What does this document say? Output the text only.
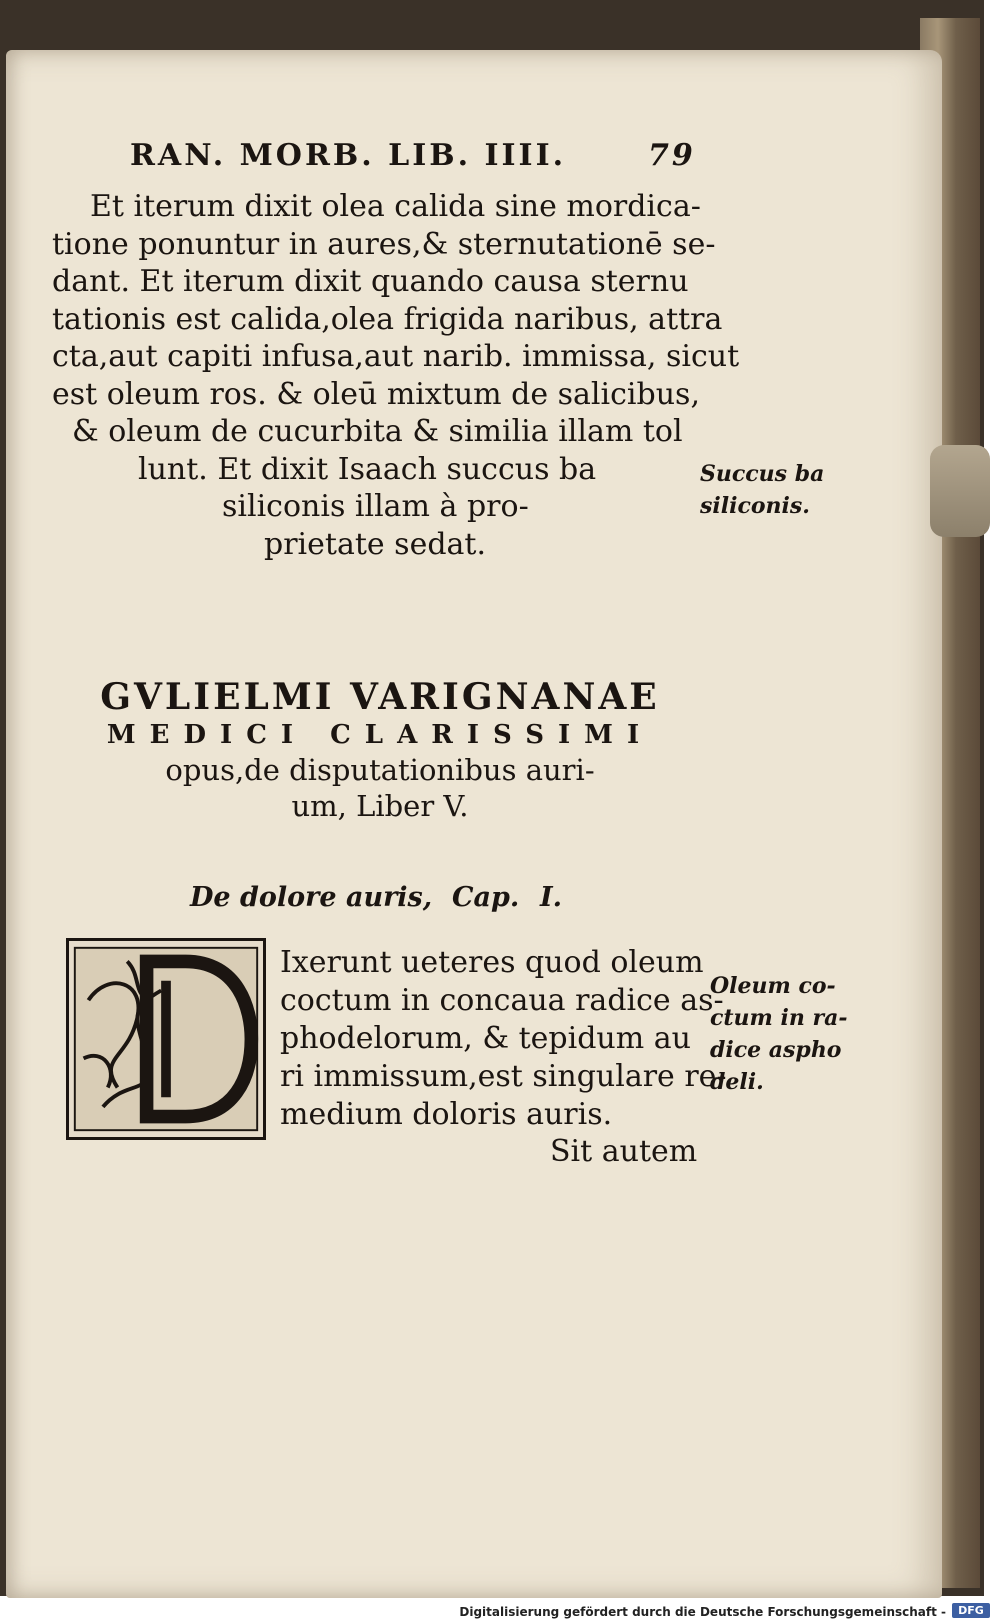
RAN. MORB. LIB. IIII.	79
Et iterum dixit olea calida sine mordica-
tione ponuntur in aures,& sternutationē se-
dant. Et iterum dixit quando causa sternu
tationis est calida,olea frigida naribus, attra
cta,aut capiti infusa,aut narib. immissa, sicut
est oleum ros. & oleū mixtum de salicibus,
& oleum de cucurbita & similia illam tol
lunt. Et dixit Isaach succus ba
siliconis illam à pro-
prietate sedat.
Succus ba
siliconis.
GVLIELMI VARIGNANAE
MEDICI CLARISSIMI
opus,de disputationibus auri-
um, Liber V.
De dolore auris, Cap. I.
Ixerunt ueteres quod oleum
coctum in concaua radice as-
phodelorum, & tepidum au
ri immissum,est singulare re-
medium doloris auris.
Sit autem
Oleum co-
ctum in ra-
dice aspho
deli.
Digitalisierung gefördert durch die Deutsche Forschungsgemeinschaft -	DFG
